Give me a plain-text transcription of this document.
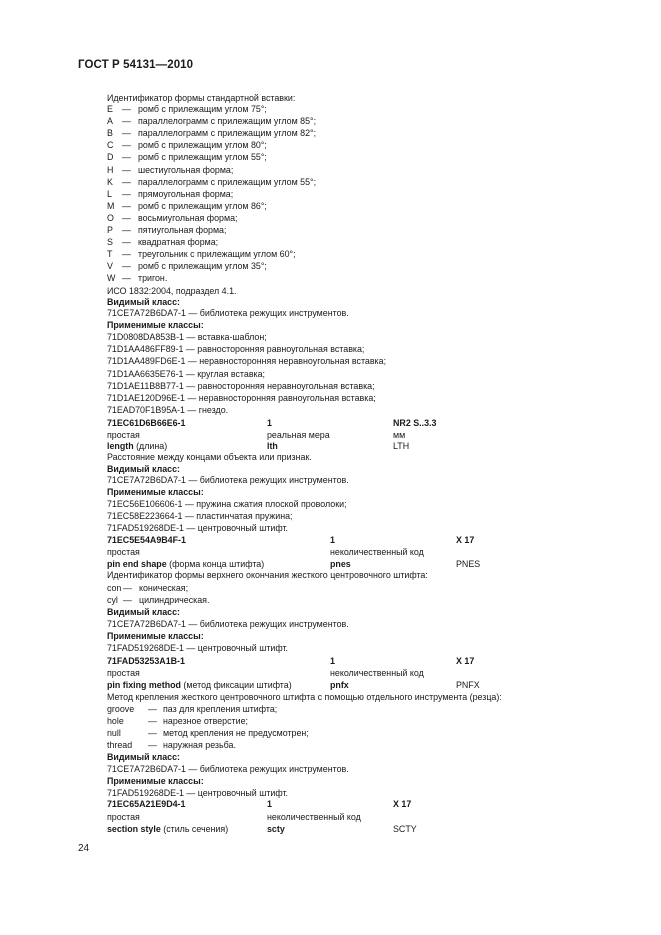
ГОСТ Р 54131—2010
Идентификатор формы стандартной вставки:
E — ромб с прилежащим углом 75°;
A — параллелограмм с прилежащим углом 85°;
B — параллелограмм с прилежащим углом 82°;
C — ромб с прилежащим углом 80°;
D — ромб с прилежащим углом 55°;
H — шестиугольная форма;
K — параллелограмм с прилежащим углом 55°;
L — прямоугольная форма;
M — ромб с прилежащим углом 86°;
O — восьмиугольная форма;
P — пятиугольная форма;
S — квадратная форма;
T — треугольник с прилежащим углом 60°;
V — ромб с прилежащим углом 35°;
W — тригон.
ИСО 1832:2004, подраздел 4.1.
Видимый класс:
71CE7A72B6DA7-1 — библиотека режущих инструментов.
Применимые классы:
71D0808DA853B-1 — вставка-шаблон;
71D1AA486FF89-1 — равносторонняя равноугольная вставка;
71D1AA489FD6E-1 — неравносторонняя неравноугольная вставка;
71D1AA6635E76-1 — круглая вставка;
71D1AE11B8B77-1 — равносторонняя неравноугольная вставка;
71D1AE120D96E-1 — неравносторонняя равноугольная вставка;
71EAD70F1B95A-1 — гнездо.
71EC61D6B66E6-1	1	NR2 S..3.3
простая	реальная мера	мм
length (длина)	lth	LTH
Расстояние между концами объекта или признак.
Видимый класс:
71CE7A72B6DA7-1 — библиотека режущих инструментов.
Применимые классы:
71EC56E106606-1 — пружина сжатия плоской проволоки;
71EC58E223664-1 — пластинчатая пружина;
71FAD519268DE-1 — центровочный штифт.
71EC5E54A9B4F-1	1	X 17
простая	неколичественный код
pin end shape (форма конца штифта)	pnes	PNES
Идентификатор формы верхнего окончания жесткого центровочного штифта:
con — коническая;
cyl — цилиндрическая.
Видимый класс:
71CE7A72B6DA7-1 — библиотека режущих инструментов.
Применимые классы:
71FAD519268DE-1 — центровочный штифт.
71FAD53253A1B-1	1	X 17
простая	неколичественный код
pin fixing method (метод фиксации штифта)	pnfx	PNFX
Метод крепления жесткого центровочного штифта с помощью отдельного инструмента (резца):
groove — паз для крепления штифта;
hole	— нарезное отверстие;
null	— метод крепления не предусмотрен;
thread — наружная резьба.
Видимый класс:
71CE7A72B6DA7-1 — библиотека режущих инструментов.
Применимые классы:
71FAD519268DE-1 — центровочный штифт.
71EC65A21E9D4-1	1	X 17
простая	неколичественный код
section style (стиль сечения)	scty	SCTY
24
